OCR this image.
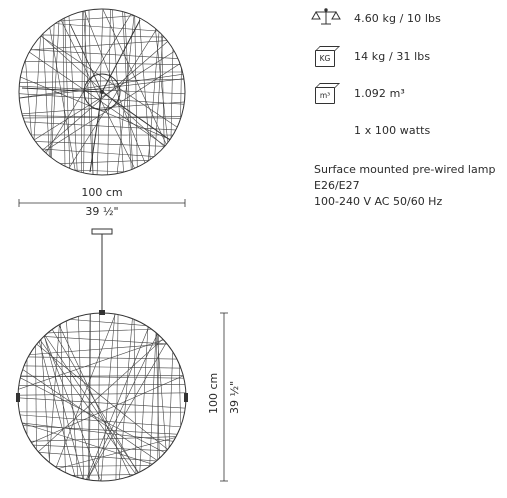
4.60 kg / 10 lbs
KG 14 kg / 31 lbs
m³ 1.092 m³
1 x 100 watts
Surface mounted pre-wired lamp
E26/E27
100-240 V AC 50/60 Hz
100 cm
39 ½"
100 cm 39 ½"
